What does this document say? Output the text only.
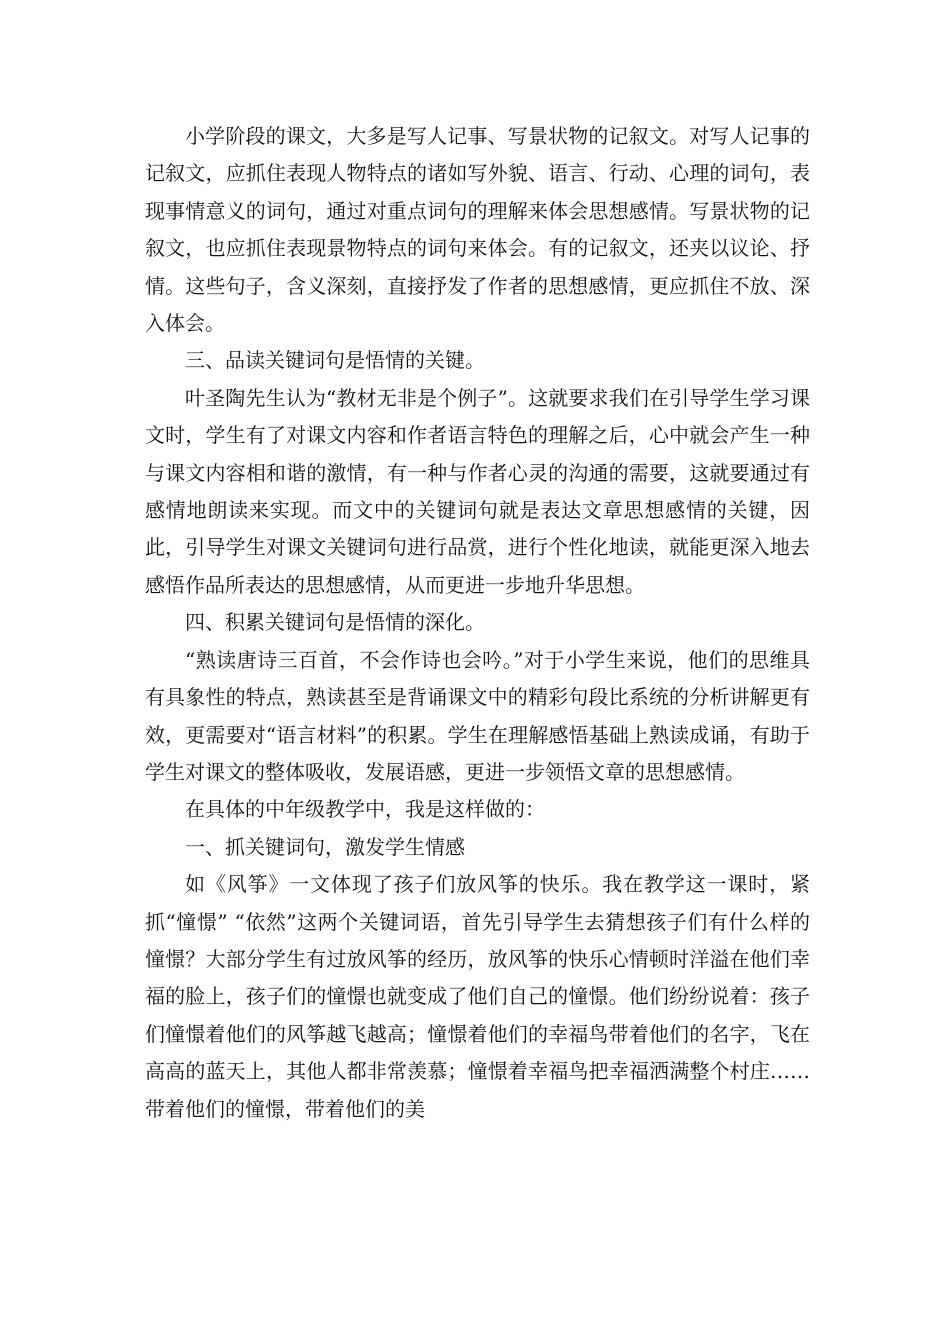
小学阶段的课文，大多是写人记事、写景状物的记叙文。对写人记事的记叙文，应抓住表现人物特点的诸如写外貌、语言、行动、心理的词句，表现事情意义的词句，通过对重点词句的理解来体会思想感情。写景状物的记叙文，也应抓住表现景物特点的词句来体会。有的记叙文，还夹以议论、抒情。这些句子，含义深刻，直接抒发了作者的思想感情，更应抓住不放、深入体会。

三、品读关键词句是悟情的关键。

叶圣陶先生认为“教材无非是个例子”。这就要求我们在引导学生学习课文时，学生有了对课文内容和作者语言特色的理解之后，心中就会产生一种与课文内容相和谐的激情，有一种与作者心灵的沟通的需要，这就要通过有感情地朗读来实现。而文中的关键词句就是表达文章思想感情的关键，因此，引导学生对课文关键词句进行品赏，进行个性化地读，就能更深入地去感悟作品所表达的思想感情，从而更进一步地升华思想。

四、积累关键词句是悟情的深化。

“熟读唐诗三百首，不会作诗也会吟。”对于小学生来说，他们的思维具有具象性的特点，熟读甚至是背诵课文中的精彩句段比系统的分析讲解更有效，更需要对“语言材料”的积累。学生在理解感悟基础上熟读成诵，有助于学生对课文的整体吸收，发展语感，更进一步领悟文章的思想感情。

在具体的中年级教学中，我是这样做的：

一、抓关键词句，激发学生情感

如《风筝》一文体现了孩子们放风筝的快乐。我在教学这一课时，紧抓“憧憬” “依然”这两个关键词语，首先引导学生去猜想孩子们有什么样的憧憬？大部分学生有过放风筝的经历，放风筝的快乐心情顿时洋溢在他们幸福的脸上，孩子们的憧憬也就变成了他们自己的憧憬。他们纷纷说着：孩子们憧憬着他们的风筝越飞越高；憧憬着他们的幸福鸟带着他们的名字，飞在高高的蓝天上，其他人都非常羡慕；憧憬着幸福鸟把幸福洒满整个村庄……带着他们的憧憬，带着他们的美
